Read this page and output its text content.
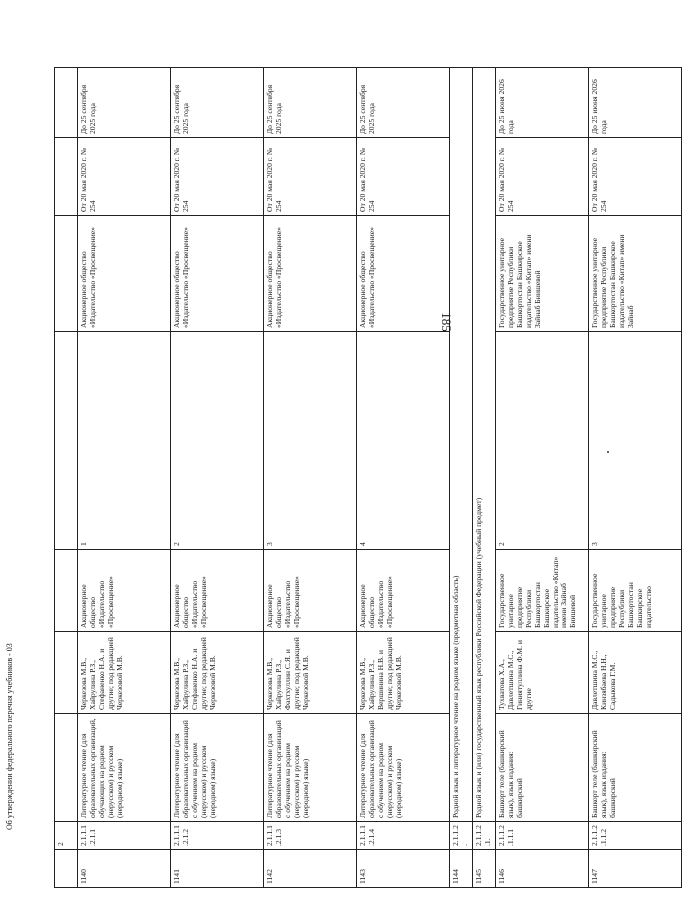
Об утверждении федерального перечня учебников - 03
	2							
1140	2.1.1.1.2.1.1	Литературное чтение (для образовательных организаций, обучающих на родном (нерусском) и русском (неродном) языке)	Черкезова М.В., Хайрулина Р.З., Стефаненко Н.А. и другие; под редакцией Черкезовой М.В.	Акционерное общество «Издательство «Просвещение»	1	Акционерное общество «Издательство «Просвещение»	От 20 мая 2020 г. № 254	До 25 сентября 2025 года
1141	2.1.1.1.2.1.2	Литературное чтение (для образовательных организаций с обучением на родном (нерусском) и русском (неродном) языке)	Черкезова М.В., Хайрулина Р.З., Стефаненко Н.А. и другие; под редакцией Черкезовой М.В.	Акционерное общество «Издательство «Просвещение»	2	Акционерное общество «Издательство «Просвещение»	От 20 мая 2020 г. № 254	До 25 сентября 2025 года
1142	2.1.1.1.2.1.3	Литературное чтение (для образовательных организаций с обучением на родном (нерусском) и русском (неродном) языке)	Черкезова М.В., Хайрулина Р.З., Фахтхуллин С.Я. и другие; под редакцией Черкезовой М.В.	Акционерное общество «Издательство «Просвещение»	3	Акционерное общество «Издательство «Просвещение»	От 20 мая 2020 г. № 254	До 25 сентября 2025 года
1143	2.1.1.1.2.1.4	Литературное чтение (для образовательных организаций с обучением на родном (нерусском) и русском (неродном) языке)	Черкезова М.В., Хайрулина Р.З., Вершинина Н.В. и другие; под редакцией Черкезовой М.В.	Акционерное общество «Издательство «Просвещение»	4	Акционерное общество «Издательство «Просвещение»	От 20 мая 2020 г. № 254	До 25 сентября 2025 года
1144	2.1.1.2.	Родной язык и литературное чтение на родном языке (предметная область)						
1145	2.1.1.2.1.	Родной язык и (или) государственный язык республики Российской Федерации (учебный предмет)						
1146	2.1.1.2.1.1.1	Башкорт теле (башкирский язык), язык издания: башкирский	Тухватова Х.А., Давлетшина М.С., Гиниятуллина Ф.М. и другие	Государственное унитарное предприятие Республики Башкортостан Башкирское издательство «Китап» имени Зайнаб Биишевой	2	Государственное унитарное предприятие Республики Башкортостан Башкирское издательство «Китап» имени Зайнаб Биишевой	От 20 мая 2020 г. № 254	До 25 июня 2026 года
1147	2.1.1.2.1.1.2	Башкорт теле (башкирский язык), язык издания: башкирский	Давлетшина М.С., Кинзябаева Н.Н., Садыкова Г.М.	Государственное унитарное предприятие Республики Башкортостан Башкирское издательство	3	Государственное унитарное предприятие Республики Башкортостан Башкирское издательство «Китап» имени Зайнаб	От 20 мая 2020 г. № 254	До 25 июня 2026 года
185
